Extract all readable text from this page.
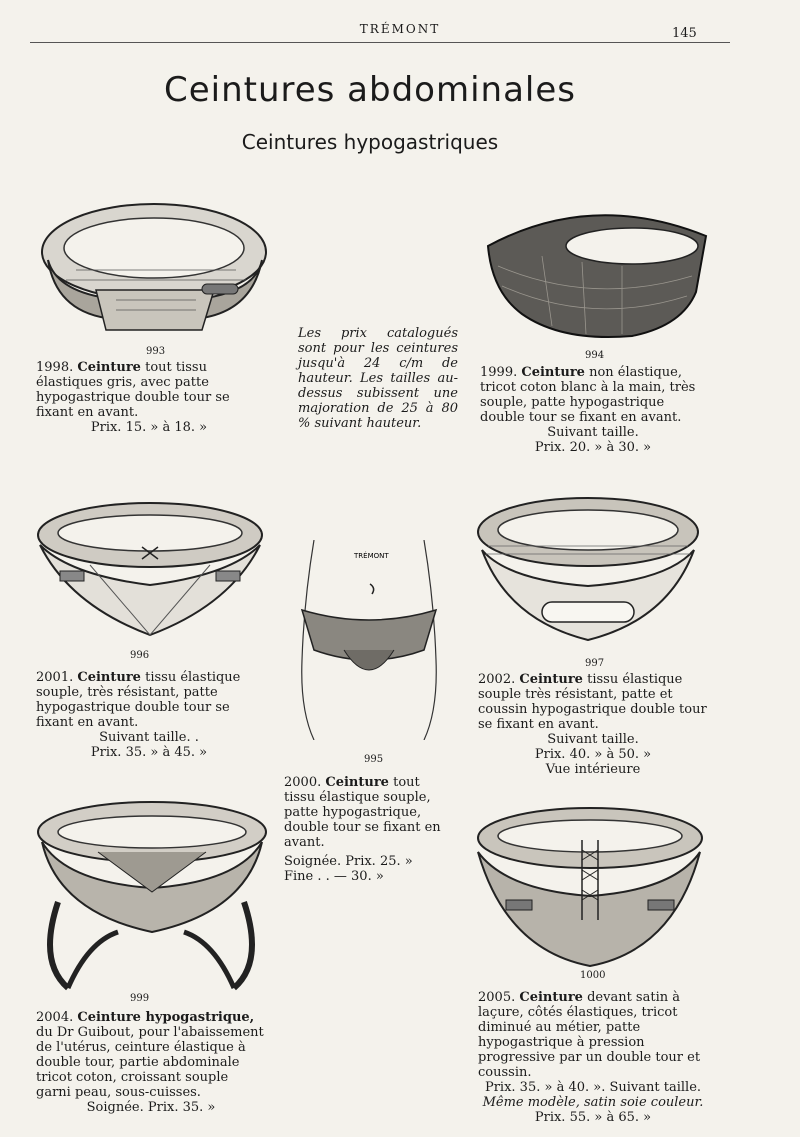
TRÉMONT	145
Ceintures abdominales
Ceintures hypogastriques
993	994
Les prix catalogués sont pour les ceintures jusqu'à 24 c/m de hauteur. Les tailles au-dessus subissent une majoration de 25 à 80 % suivant hauteur.

1998. Ceinture tout tissu élastiques gris, avec patte hypogastrique double tour se fixant en avant.

Prix. 15. » à 18. »

1999. Ceinture non élastique, tricot coton blanc à la main, très souple, patte hypogastrique double tour se fixant en avant.

Suivant taille.

Prix. 20. » à 30. »

996
TRÉMONT
995
997

2001. Ceinture tissu élastique souple, très résistant, patte hypogastrique double tour se fixant en avant.

Suivant taille. .

Prix. 35. » à 45. »

2002. Ceinture tissu élastique souple très résistant, patte et coussin hypogastrique double tour se fixant en avant.

Suivant taille.

Prix. 40. » à 50. »

Vue intérieure

2000. Ceinture tout tissu élastique souple, patte hypogastrique, double tour se fixant en avant.

Soignée. Prix. 25. »

Fine . . — 30. »

999
1000

2004. Ceinture hypogastrique, du Dr Guibout, pour l'abaissement de l'utérus, ceinture élastique à double tour, partie abdominale tricot coton, croissant souple garni peau, sous-cuisses.

Soignée. Prix. 35. »

2005. Ceinture devant satin à laçure, côtés élastiques, tricot diminué au métier, patte hypogastrique à pression progressive par un double tour et coussin.

Prix. 35. » à 40. ». Suivant taille.

Même modèle, satin soie couleur.

Prix. 55. » à 65. »
